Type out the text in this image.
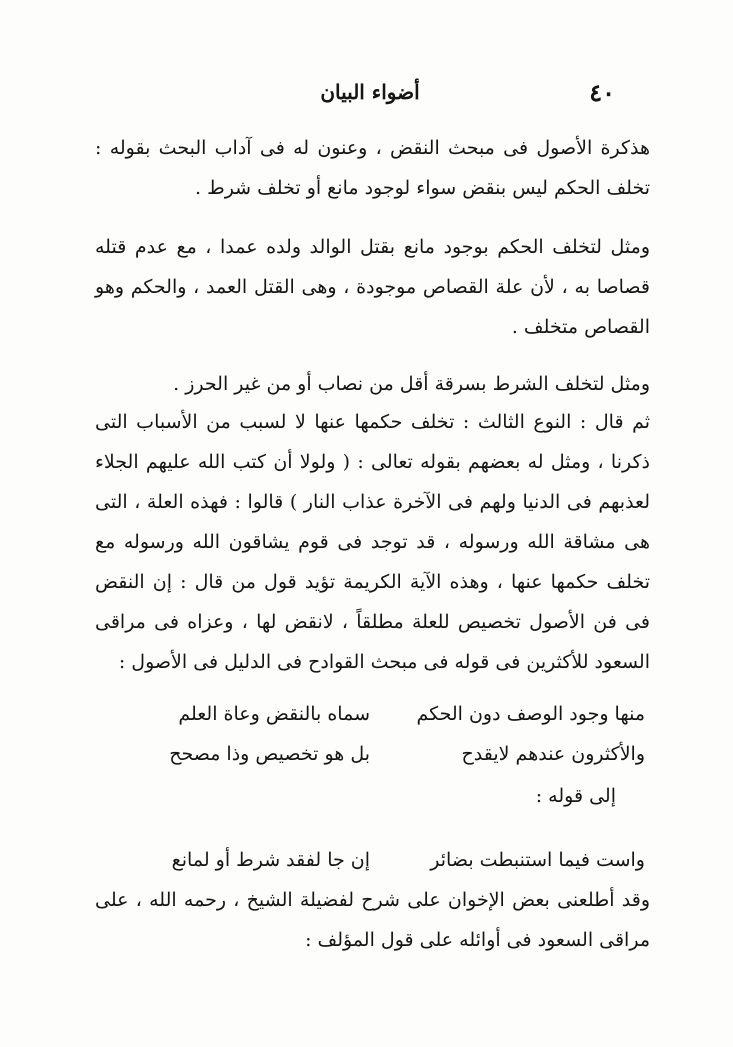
٤٠
أضواء البيان

هذكرة الأصول فى مبحث النقض ، وعنون له فى آداب البحث بقوله : تخلف الحكم ليس بنقض سواء لوجود مانع أو تخلف شرط .

ومثل لتخلف الحكم بوجود مانع بقتل الوالد ولده عمدا ، مع عدم قتله قصاصا به ، لأن علة القصاص موجودة ، وهى القتل العمد ، والحكم وهو القصاص متخلف .

ومثل لتخلف الشرط بسرقة أقل من نصاب أو من غير الحرز .

ثم قال : النوع الثالث : تخلف حكمها عنها لا لسبب من الأسباب التى ذكرنا ، ومثل له بعضهم بقوله تعالى : ( ولولا أن كتب الله عليهم الجلاء لعذبهم فى الدنيا ولهم فى الآخرة عذاب النار ) قالوا : فهذه العلة ، التى هى مشاقة الله ورسوله ، قد توجد فى قوم يشاقون الله ورسوله مع تخلف حكمها عنها ، وهذه الآية الكريمة تؤيد قول من قال : إن النقض فى فن الأصول تخصيص للعلة مطلقاً ، لانقض لها ، وعزاه فى مراقى السعود للأكثرين فى قوله فى مبحث القوادح فى الدليل فى الأصول :

منها وجود الوصف دون الحكم
سماه بالنقض وعاة العلم
والأكثرون عندهم لايقدح
بل هو تخصيص وذا مصحح
إلى قوله :
واست فيما استنبطت بضائر
إن جا لفقد شرط أو لمانع

وقد أطلعنى بعض الإخوان على شرح لفضيلة الشيخ ، رحمه الله ، على مراقى السعود فى أوائله على قول المؤلف :
